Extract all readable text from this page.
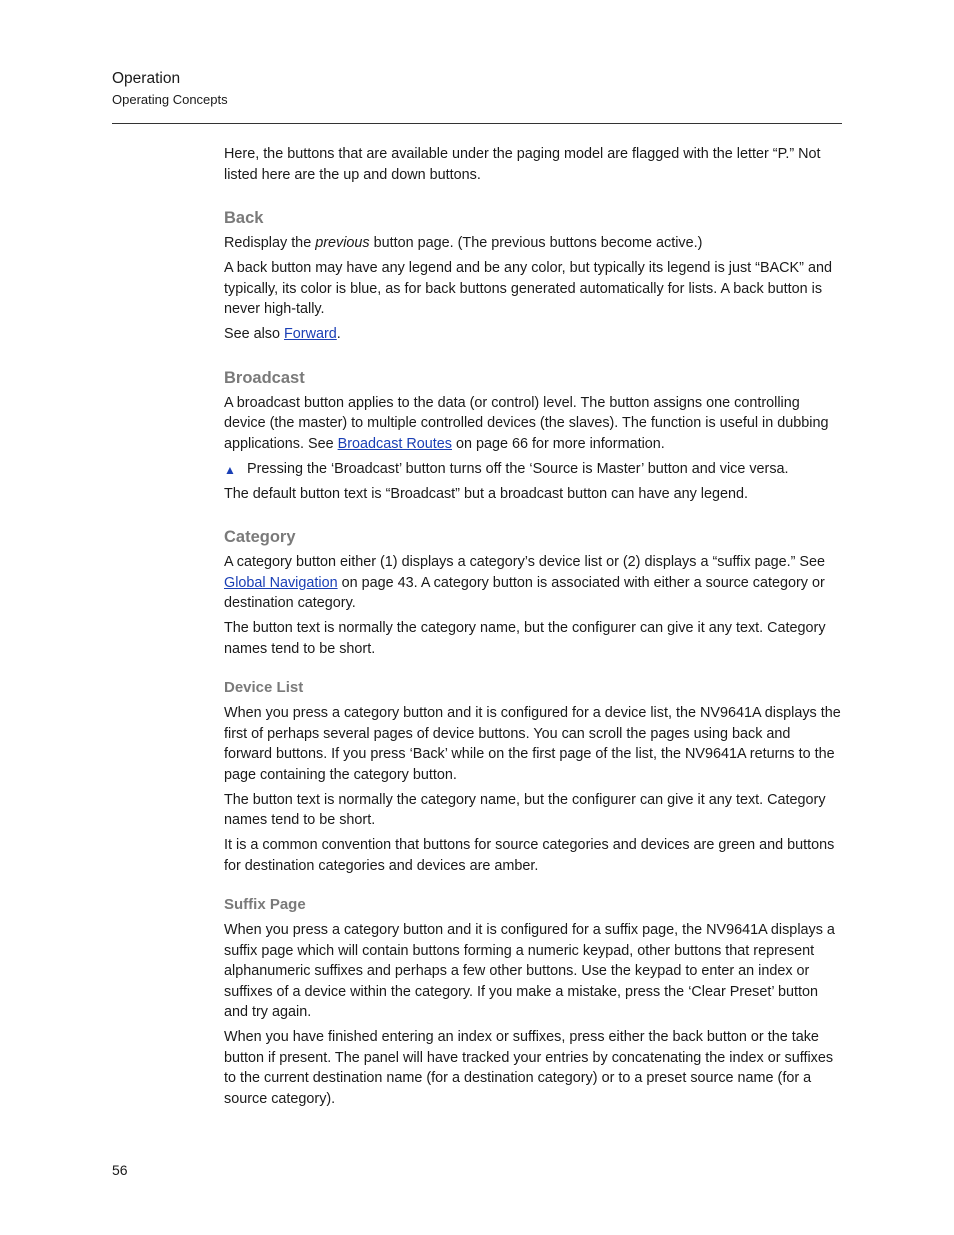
Operation
Operating Concepts

Here, the buttons that are available under the paging model are flagged with the letter “P.” Not listed here are the up and down buttons.

Back

Redisplay the previous button page. (The previous buttons become active.)

A back button may have any legend and be any color, but typically its legend is just “BACK” and typically, its color is blue, as for back buttons generated automatically for lists. A back button is never high-tally.

See also Forward.

Broadcast

A broadcast button applies to the data (or control) level. The button assigns one controlling device (the master) to multiple controlled devices (the slaves). The function is useful in dubbing applications. See Broadcast Routes on page 66 for more information.

▲ Pressing the ‘Broadcast’ button turns off the ‘Source is Master’ button and vice versa.

The default button text is “Broadcast” but a broadcast button can have any legend.

Category

A category button either (1) displays a category’s device list or (2) displays a “suffix page.” See Global Navigation on page 43. A category button is associated with either a source category or destination category.

The button text is normally the category name, but the configurer can give it any text. Category names tend to be short.

Device List

When you press a category button and it is configured for a device list, the NV9641A displays the first of perhaps several pages of device buttons. You can scroll the pages using back and forward buttons. If you press ‘Back’ while on the first page of the list, the NV9641A returns to the page containing the category button.

The button text is normally the category name, but the configurer can give it any text. Category names tend to be short.

It is a common convention that buttons for source categories and devices are green and buttons for destination categories and devices are amber.

Suffix Page

When you press a category button and it is configured for a suffix page, the NV9641A displays a suffix page which will contain buttons forming a numeric keypad, other buttons that represent alphanumeric suffixes and perhaps a few other buttons. Use the keypad to enter an index or suffixes of a device within the category. If you make a mistake, press the ‘Clear Preset’ button and try again.

When you have finished entering an index or suffixes, press either the back button or the take button if present. The panel will have tracked your entries by concatenating the index or suffixes to the current destination name (for a destination category) or to a preset source name (for a source category).

56
